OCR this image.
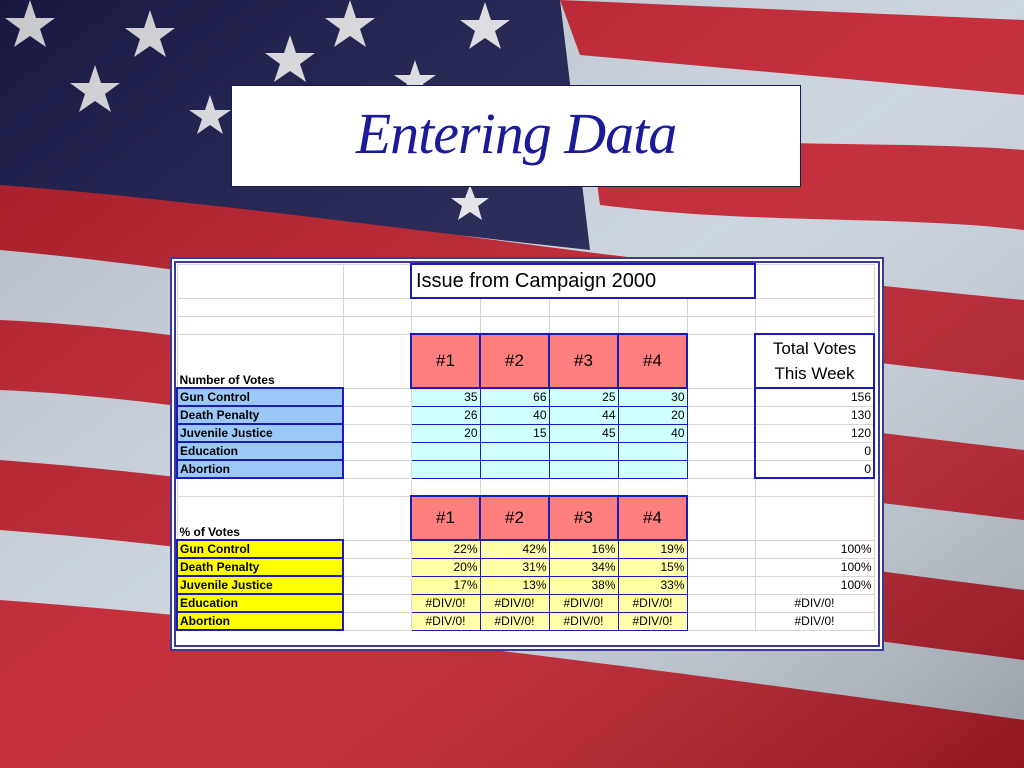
Entering Data
		Issue from Campaign 2000					

Number of Votes		#1	#2	#3	#4		Total Votes This Week
Gun Control		35	66	25	30		156
Death Penalty		26	40	44	20		130
Juvenile Justice		20	15	45	40		120
Education							0
Abortion							0

% of Votes		#1	#2	#3	#4		
Gun Control		22%	42%	16%	19%		100%
Death Penalty		20%	31%	34%	15%		100%
Juvenile Justice		17%	13%	38%	33%		100%
Education		#DIV/0!	#DIV/0!	#DIV/0!	#DIV/0!		#DIV/0!
Abortion		#DIV/0!	#DIV/0!	#DIV/0!	#DIV/0!		#DIV/0!
